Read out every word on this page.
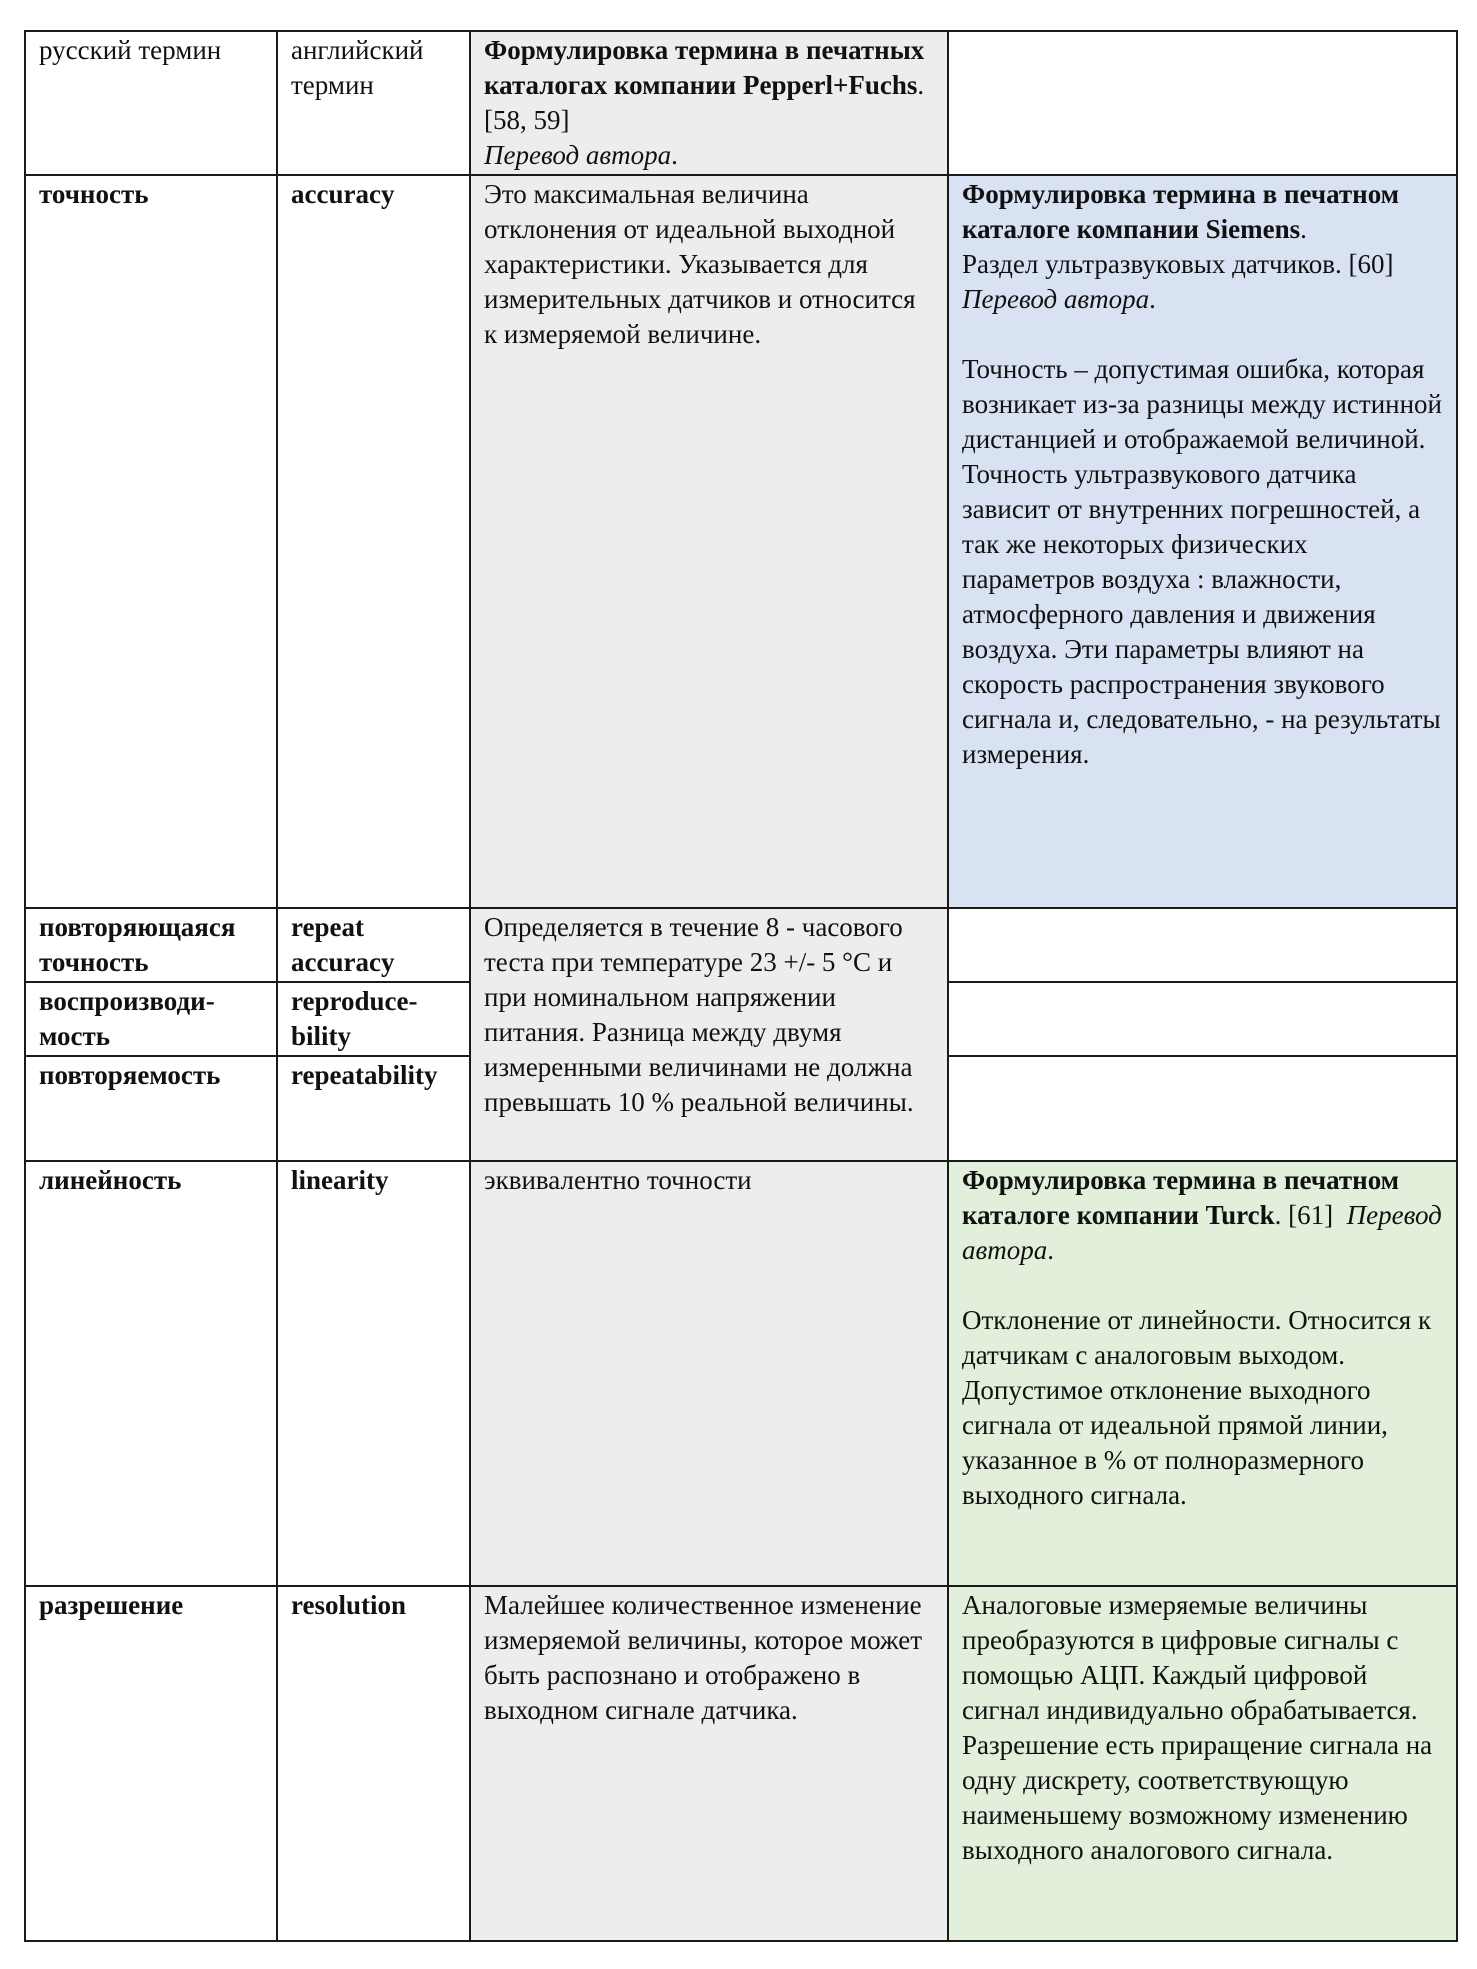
русский термин	английский термин	Формулировка термина в печатных каталогах компании Pepperl+Fuchs. [58, 59]
Перевод автора.	

точность	accuracy	Это максимальная величина отклонения от идеальной выходной характеристики. Указывается для измерительных датчиков и относится к измеряемой величине.	Формулировка термина в печатном каталоге компании Siemens.
Раздел ультразвуковых датчиков. [60]  Перевод автора.
Точность – допустимая ошибка, которая возникает из-за разницы между истинной дистанцией и отображаемой величиной. Точность ультразвукового датчика зависит от внутренних погрешностей, а так же некоторых физических параметров воздуха : влажности, атмосферного давления и движения воздуха. Эти параметры влияют на скорость распространения звукового сигнала и, следовательно, - на результаты измерения.

повторяющаяся точность	repeat accuracy	Определяется в течение 8 - часового теста при температуре 23 +/- 5 °C и при номинальном напряжении питания. Разница между двумя измеренными величинами не должна превышать 10 % реальной величины.	
воспроизводи-мость	reproduce-bility		
повторяемость	repeatability		
линейность	linearity	эквивалентно точности	Формулировка термина в печатном каталоге компании Turck. [61] Перевод автора.
Отклонение от линейности. Относится к датчикам с аналоговым выходом. Допустимое отклонение выходного сигнала от идеальной прямой линии, указанное в % от полноразмерного выходного сигнала.

разрешение	resolution	Малейшее количественное изменение измеряемой величины, которое может быть распознано и отображено в выходном сигнале датчика.	Аналоговые измеряемые величины преобразуются в цифровые сигналы с помощью АЦП. Каждый цифровой сигнал индивидуально обрабатывается. Разрешение есть приращение сигнала на одну дискрету, соответствующую наименьшему возможному изменению выходного аналогового сигнала.
